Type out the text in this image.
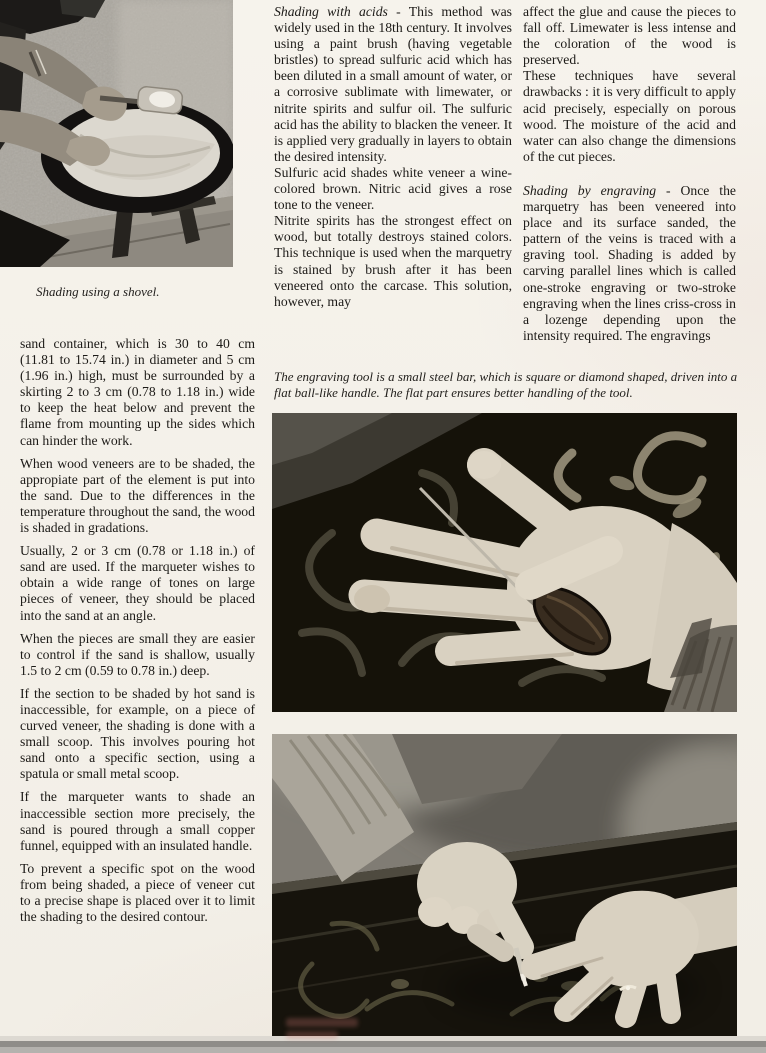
Shading using a shovel.

sand container, which is 30 to 40 cm (11.81 to 15.74 in.) in diameter and 5 cm (1.96 in.) high, must be surrounded by a skirting 2 to 3 cm (0.78 to 1.18 in.) wide to keep the heat below and prevent the flame from mounting up the sides which can hinder the work.

When wood veneers are to be shaded, the appropiate part of the element is put into the sand. Due to the differences in the temperature throughout the sand, the wood is shaded in gradations.

Usually, 2 or 3 cm (0.78 or 1.18 in.) of sand are used. If the marqueter wishes to obtain a wide range of tones on large pieces of veneer, they should be placed into the sand at an angle.

When the pieces are small they are easier to control if the sand is shallow, usually 1.5 to 2 cm (0.59 to 0.78 in.) deep.

If the section to be shaded by hot sand is inaccessible, for example, on a piece of curved veneer, the shading is done with a small scoop. This involves pouring hot sand onto a specific section, using a spatula or small metal scoop.

If the marqueter wants to shade an inaccessible section more precisely, the sand is poured through a small copper funnel, equipped with an insulated handle.

To prevent a specific spot on the wood from being shaded, a piece of veneer cut to a precise shape is placed over it to limit the shading to the desired contour.

Shading with acids - This method was widely used in the 18th century. It involves using a paint brush (having vegetable bristles) to spread sulfuric acid which has been diluted in a small amount of water, or a corrosive sublimate with limewater, or nitrite spirits and sulfur oil. The sulfuric acid has the ability to blacken the veneer. It is applied very gradually in layers to obtain the desired intensity.

Sulfuric acid shades white veneer a wine-colored brown. Nitric acid gives a rose tone to the veneer.

Nitrite spirits has the strongest effect on wood, but totally destroys stained colors. This technique is used when the marquetry is stained by brush after it has been veneered onto the carcase. This solution, however, may

affect the glue and cause the pieces to fall off. Limewater is less intense and the coloration of the wood is preserved.

These techniques have several drawbacks : it is very difficult to apply acid precisely, especially on porous wood. The moisture of the acid and water can also change the dimensions of the cut pieces.

Shading by engraving - Once the marquetry has been veneered into place and its surface sanded, the pattern of the veins is traced with a graving tool. Shading is added by carving parallel lines which is called one-stroke engraving or two-stroke engraving when the lines criss-cross in a lozenge depending upon the intensity required. The engravings

The engraving tool is a small steel bar, which is square or diamond shaped, driven into a flat ball-like handle. The flat part ensures better handling of the tool.
